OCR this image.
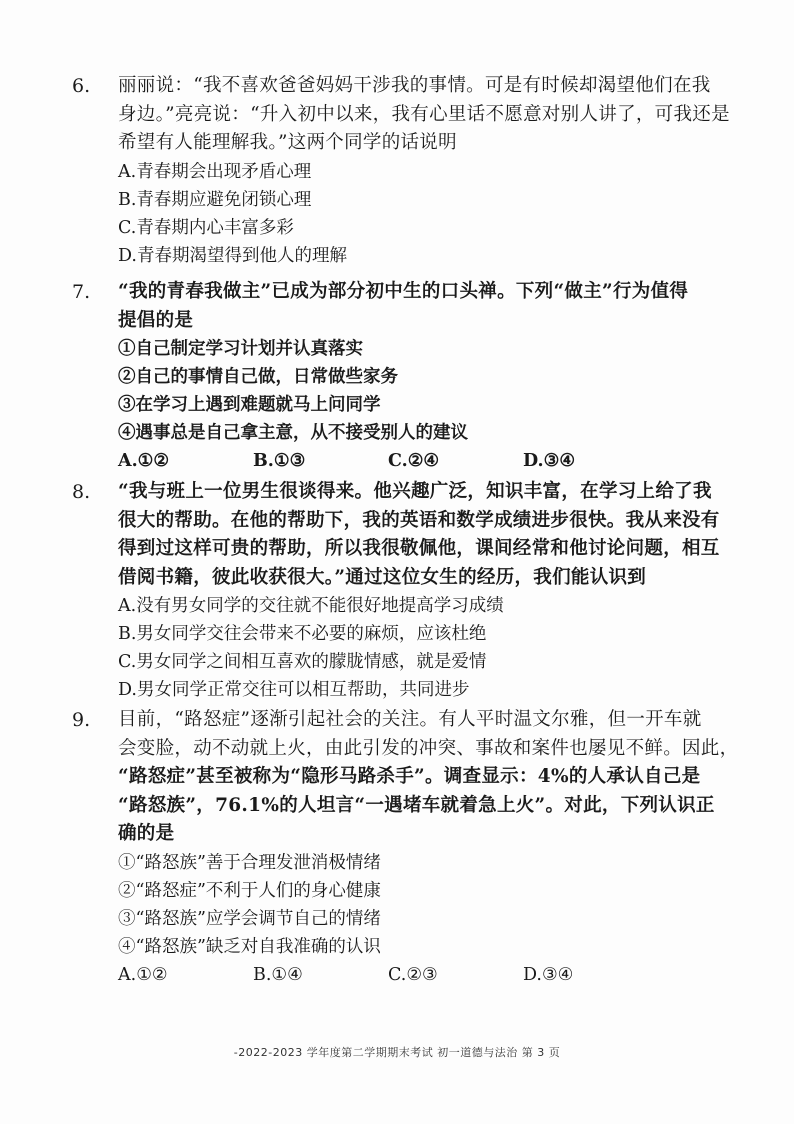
6.	丽丽说：“我不喜欢爸爸妈妈干涉我的事情。可是有时候却渴望他们在我
身边。”亮亮说：“升入初中以来，我有心里话不愿意对别人讲了，可我还是
希望有人能理解我。”这两个同学的话说明
A.青春期会出现矛盾心理
B.青春期应避免闭锁心理
C.青春期内心丰富多彩
D.青春期渴望得到他人的理解
7.	“我的青春我做主”已成为部分初中生的口头禅。下列“做主”行为值得
提倡的是
①自己制定学习计划并认真落实
②自己的事情自己做，日常做些家务
③在学习上遇到难题就马上问同学
④遇事总是自己拿主意，从不接受别人的建议
A.①②	B.①③	C.②④	D.③④
8.	“我与班上一位男生很谈得来。他兴趣广泛，知识丰富，在学习上给了我
很大的帮助。在他的帮助下，我的英语和数学成绩进步很快。我从来没有
得到过这样可贵的帮助，所以我很敬佩他，课间经常和他讨论问题，相互
借阅书籍，彼此收获很大。”通过这位女生的经历，我们能认识到
A.没有男女同学的交往就不能很好地提高学习成绩
B.男女同学交往会带来不必要的麻烦，应该杜绝
C.男女同学之间相互喜欢的朦胧情感，就是爱情
D.男女同学正常交往可以相互帮助，共同进步
9.	目前，“路怒症”逐渐引起社会的关注。有人平时温文尔雅，但一开车就
会变脸，动不动就上火，由此引发的冲突、事故和案件也屡见不鲜。因此，
“路怒症”甚至被称为“隐形马路杀手”。调查显示：4%的人承认自己是
“路怒族”，76.1%的人坦言“一遇堵车就着急上火”。对此，下列认识正
确的是
①“路怒族”善于合理发泄消极情绪
②“路怒症”不利于人们的身心健康
③“路怒族”应学会调节自己的情绪
④“路怒族”缺乏对自我准确的认识
A.①②	B.①④	C.②③	D.③④
-2022-2023 学年度第二学期期末考试 初一道德与法治 第 3 页
